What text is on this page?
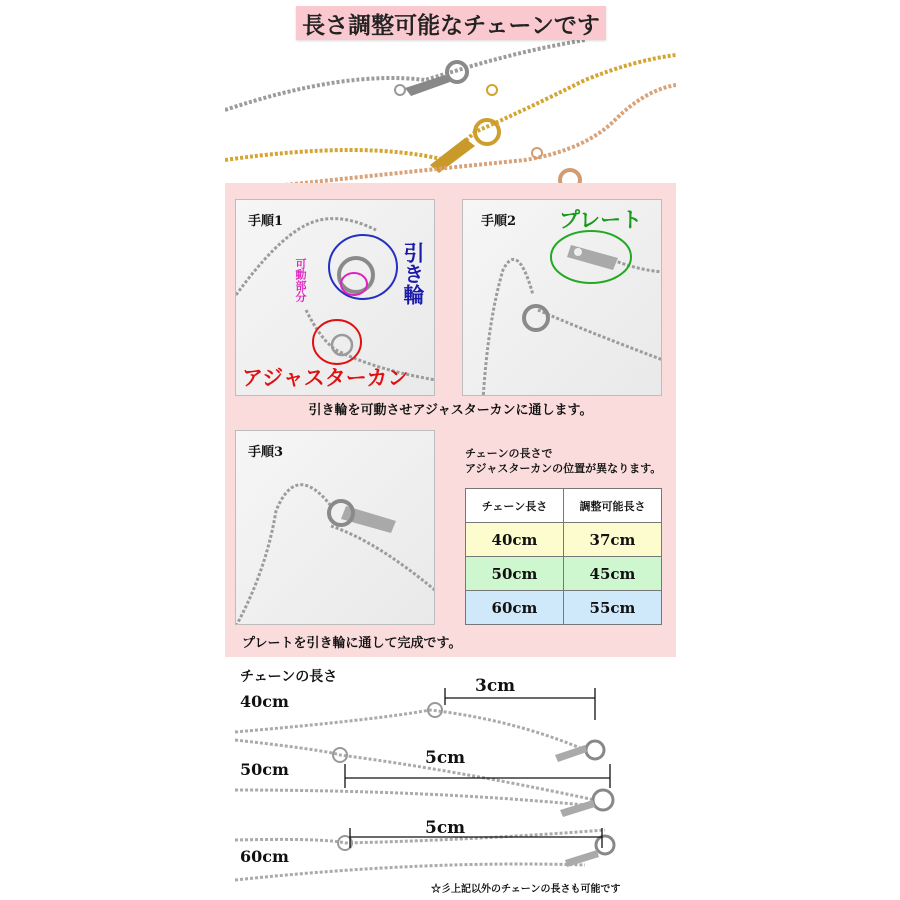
長さ調整可能なチェーンです
手順1
引き輪
可動部分
アジャスターカン
手順2 プレート
引き輪を可動させアジャスターカンに通します。
手順3	チェーンの長さで
アジャスターカンの位置が異なります。
チェーン長さ	調整可能長さ
40cm	37cm
50cm	45cm
60cm	55cm
プレートを引き輪に通して完成です。
チェーンの長さ
40cm
3cm
50cm
5cm
60cm
5cm
☆彡上記以外のチェーンの長さも可能です
